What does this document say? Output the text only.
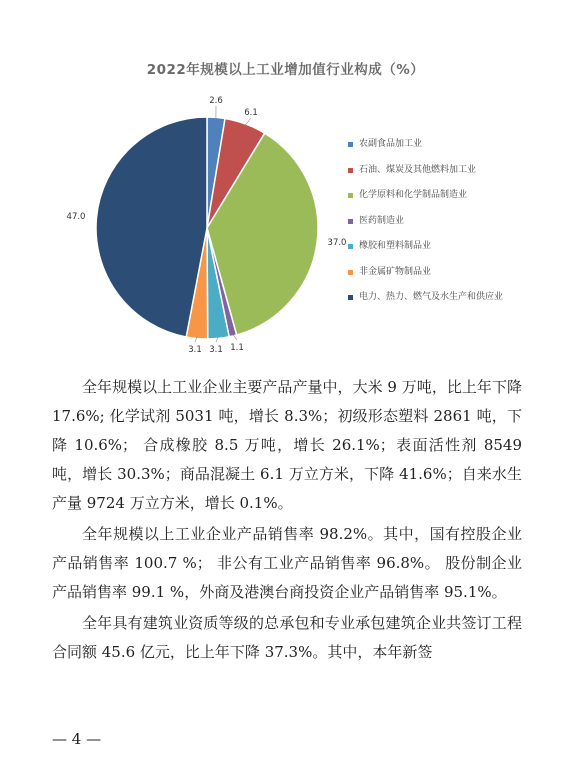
2022年规模以上工业增加值行业构成（%）
2.6
6.1
37.0
1.1
3.1
3.1
47.0
农副食品加工业
石油、煤炭及其他燃料加工业
化学原料和化学制品制造业
医药制造业
橡胶和塑料制品业
非金属矿物制品业
电力、热力、燃气及水生产和供应业

全年规模以上工业企业主要产品产量中，大米 9 万吨，比上年下降 17.6%; 化学试剂 5031 吨，增长 8.3%；初级形态塑料 2861 吨，下降 10.6%； 合成橡胶 8.5 万吨，增长 26.1%；表面活性剂 8549 吨，增长 30.3%；商品混凝土 6.1 万立方米，下降 41.6%；自来水生产量 9724 万立方米，增长 0.1%。

全年规模以上工业企业产品销售率 98.2%。其中，国有控股企业产品销售率 100.7 %； 非公有工业产品销售率 96.8%。 股份制企业产品销售率 99.1 %，外商及港澳台商投资企业产品销售率 95.1%。

全年具有建筑业资质等级的总承包和专业承包建筑企业共签订工程合同额 45.6 亿元，比上年下降 37.3%。其中，本年新签

— 4 —
